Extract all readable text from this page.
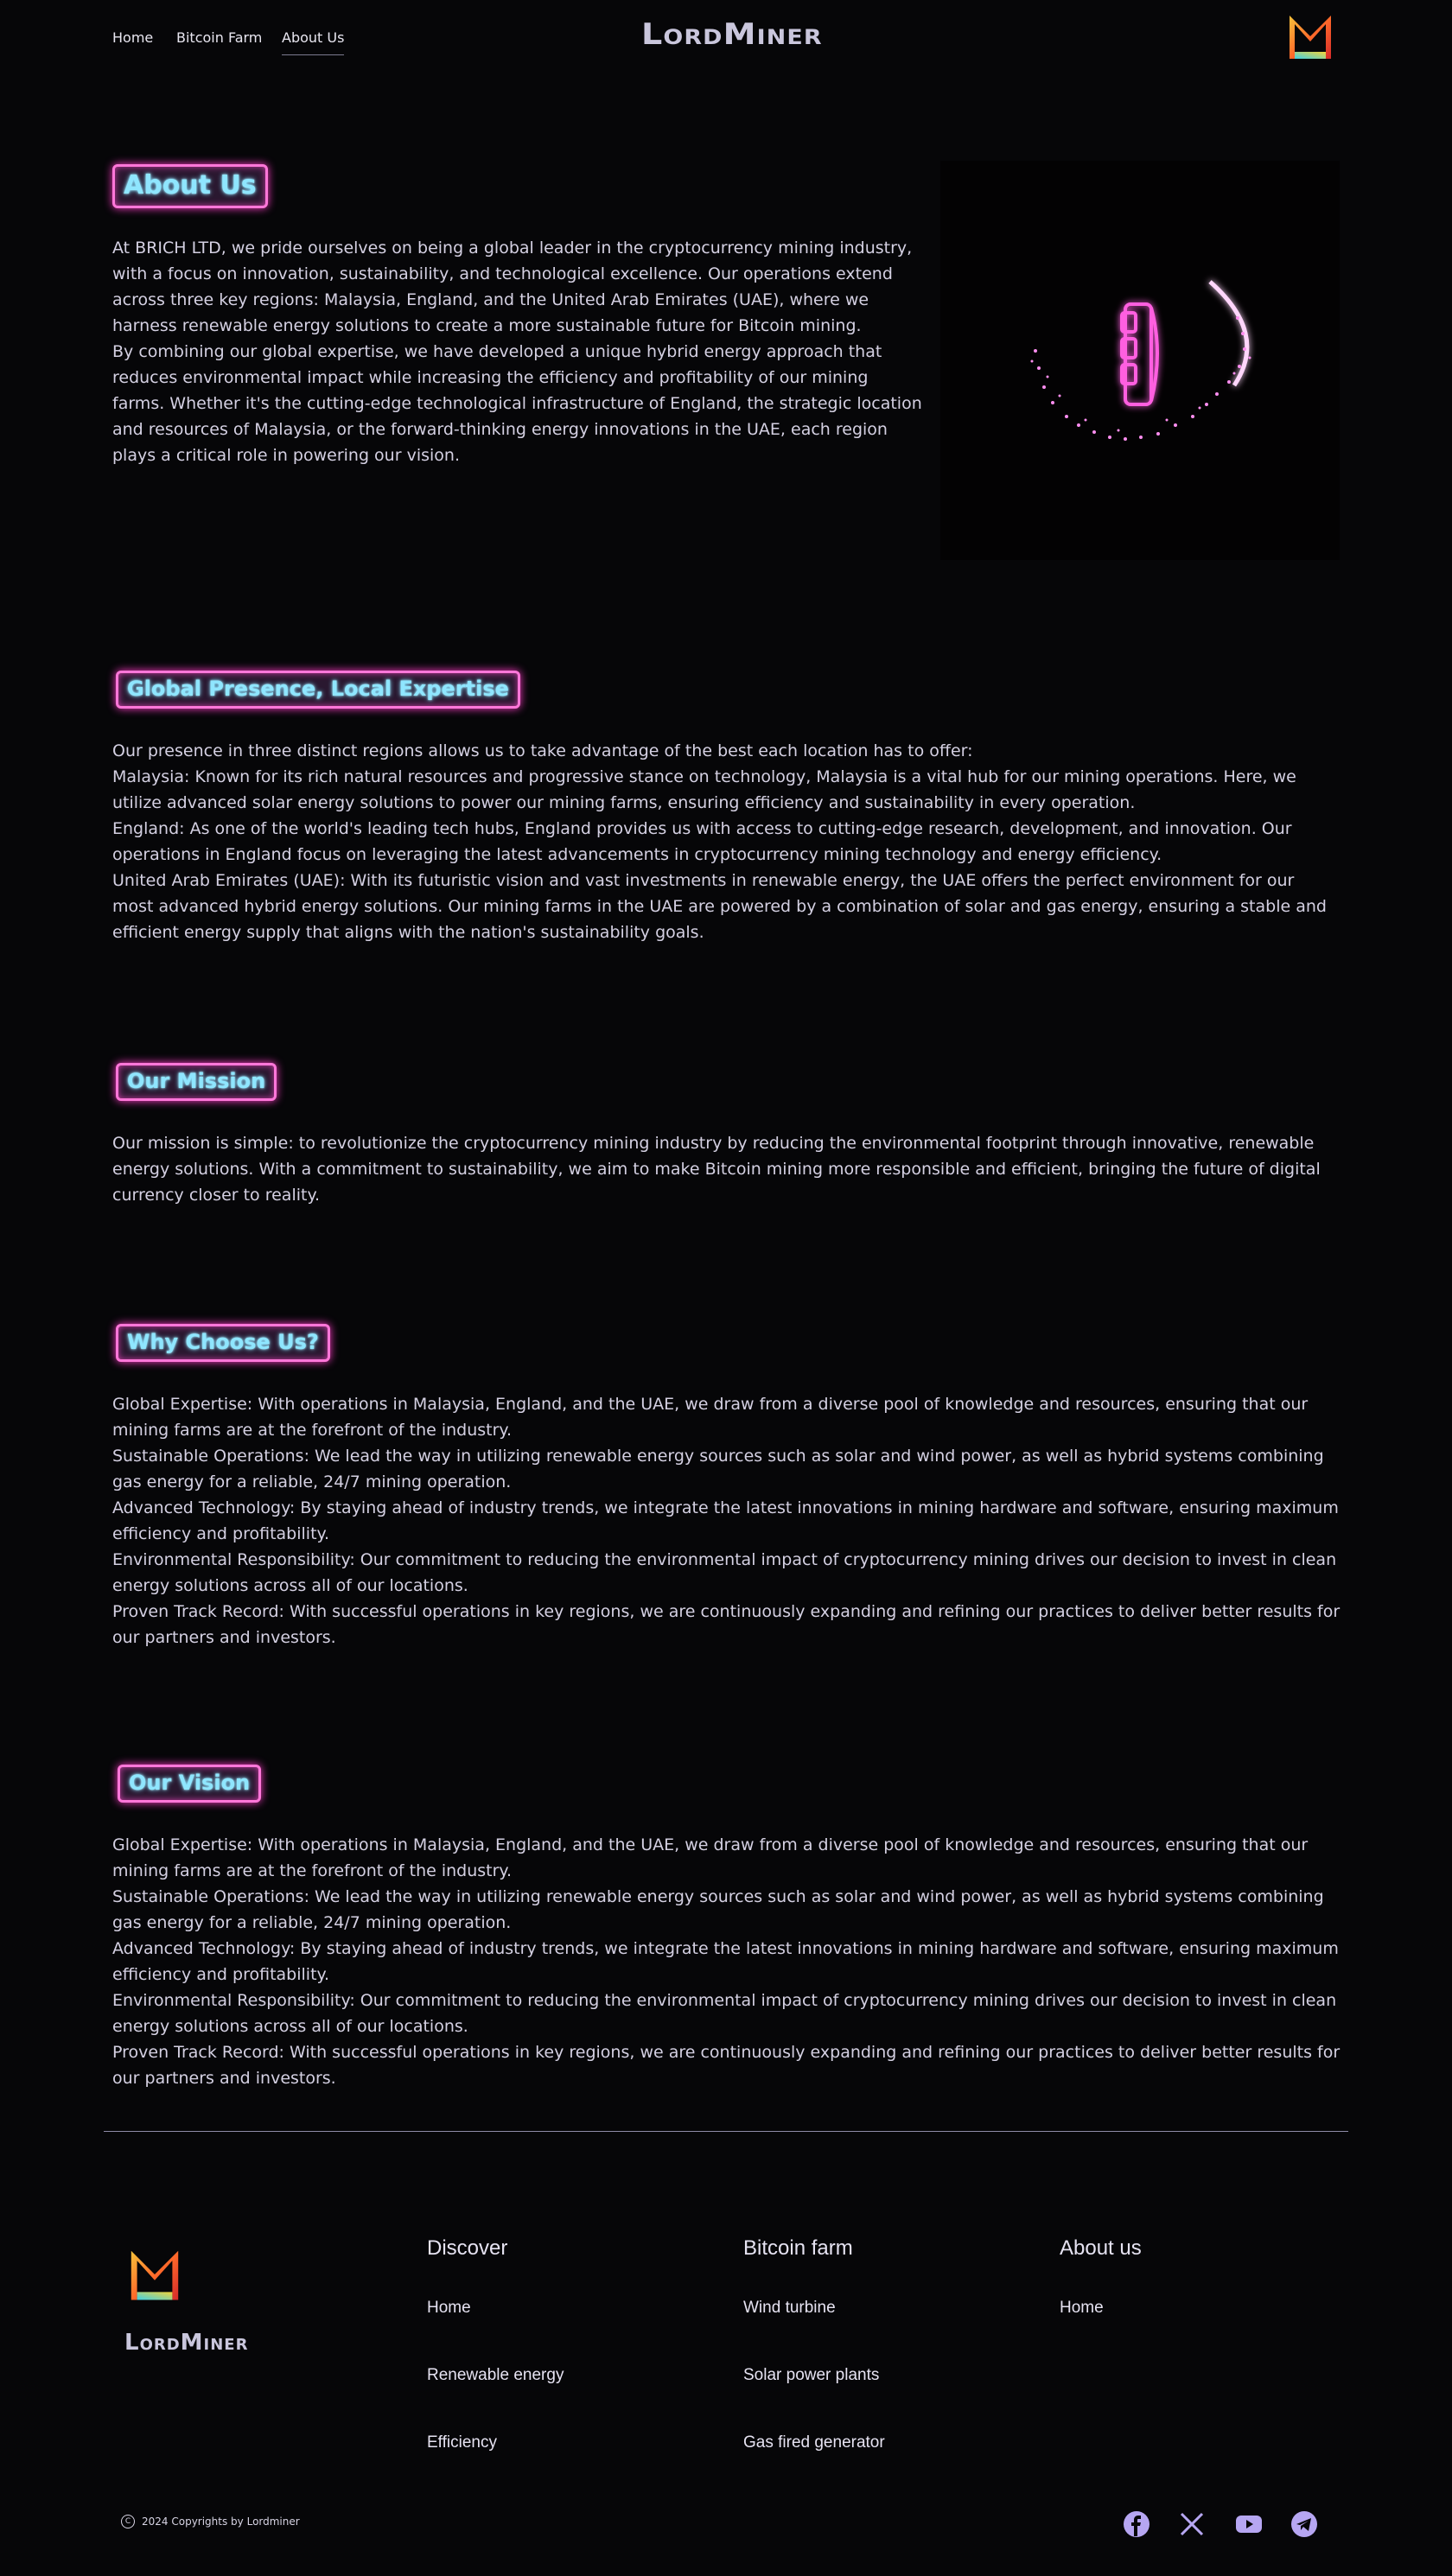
Home Bitcoin Farm About Us	LordMiner
About Us

At BRICH LTD, we pride ourselves on being a global leader in the cryptocurrency mining industry, with a focus on innovation, sustainability, and technological excellence. Our operations extend across three key regions: Malaysia, England, and the United Arab Emirates (UAE), where we harness renewable energy solutions to create a more sustainable future for Bitcoin mining.

By combining our global expertise, we have developed a unique hybrid energy approach that reduces environmental impact while increasing the efficiency and profitability of our mining farms. Whether it's the cutting-edge technological infrastructure of England, the strategic location and resources of Malaysia, or the forward-thinking energy innovations in the UAE, each region plays a critical role in powering our vision.

Global Presence, Local Expertise

Our presence in three distinct regions allows us to take advantage of the best each location has to offer:

Malaysia: Known for its rich natural resources and progressive stance on technology, Malaysia is a vital hub for our mining operations. Here, we utilize advanced solar energy solutions to power our mining farms, ensuring efficiency and sustainability in every operation.

England: As one of the world's leading tech hubs, England provides us with access to cutting-edge research, development, and innovation. Our operations in England focus on leveraging the latest advancements in cryptocurrency mining technology and energy efficiency.

United Arab Emirates (UAE): With its futuristic vision and vast investments in renewable energy, the UAE offers the perfect environment for our most advanced hybrid energy solutions. Our mining farms in the UAE are powered by a combination of solar and gas energy, ensuring a stable and efficient energy supply that aligns with the nation's sustainability goals.

Our Mission

Our mission is simple: to revolutionize the cryptocurrency mining industry by reducing the environmental footprint through innovative, renewable energy solutions. With a commitment to sustainability, we aim to make Bitcoin mining more responsible and efficient, bringing the future of digital currency closer to reality.

Why Choose Us?

Global Expertise: With operations in Malaysia, England, and the UAE, we draw from a diverse pool of knowledge and resources, ensuring that our mining farms are at the forefront of the industry.

Sustainable Operations: We lead the way in utilizing renewable energy sources such as solar and wind power, as well as hybrid systems combining gas energy for a reliable, 24/7 mining operation.

Advanced Technology: By staying ahead of industry trends, we integrate the latest innovations in mining hardware and software, ensuring maximum efficiency and profitability.

Environmental Responsibility: Our commitment to reducing the environmental impact of cryptocurrency mining drives our decision to invest in clean energy solutions across all of our locations.

Proven Track Record: With successful operations in key regions, we are continuously expanding and refining our practices to deliver better results for our partners and investors.

Our Vision

Global Expertise: With operations in Malaysia, England, and the UAE, we draw from a diverse pool of knowledge and resources, ensuring that our mining farms are at the forefront of the industry.

Sustainable Operations: We lead the way in utilizing renewable energy sources such as solar and wind power, as well as hybrid systems combining gas energy for a reliable, 24/7 mining operation.

Advanced Technology: By staying ahead of industry trends, we integrate the latest innovations in mining hardware and software, ensuring maximum efficiency and profitability.

Environmental Responsibility: Our commitment to reducing the environmental impact of cryptocurrency mining drives our decision to invest in clean energy solutions across all of our locations.

Proven Track Record: With successful operations in key regions, we are continuously expanding and refining our practices to deliver better results for our partners and investors.

LordMiner
Discover
Home
Renewable energy
Efficiency
Bitcoin farm
Wind turbine
Solar power plants
Gas fired generator
About us
Home
C	2024 Copyrights by Lordminer
